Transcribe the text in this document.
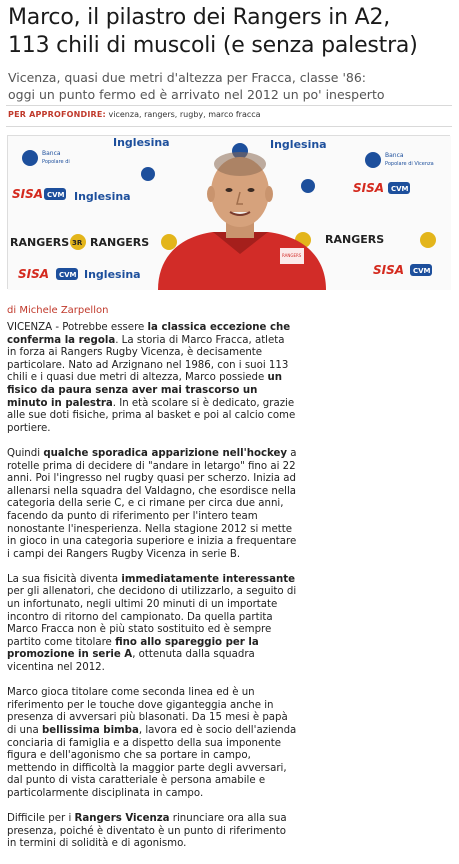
Marco, il pilastro dei Rangers in A2,
113 chili di muscoli (e senza palestra)
Vicenza, quasi due metri d'altezza per Fracca, classe '86:
oggi un punto fermo ed è arrivato nel 2012 un po' inesperto
PER APPROFONDIRE: vicenza, rangers, rugby, marco fracca
Banca
Popolare di
Inglesina	Inglesina
Banca
Popolare di Vicenza
SISA CVM Inglesina
SISA CVM
RANGERS 3R RANGERS	RANGERS
SISA CVM Inglesina	SISA CVM
RANGERS
di Michele Zarpellon

VICENZA - Potrebbe essere la classica eccezione che conferma la regola. La storia di Marco Fracca, atleta in forza ai Rangers Rugby Vicenza, è decisamente particolare. Nato ad Arzignano nel 1986, con i suoi 113 chili e i quasi due metri di altezza, Marco possiede un fisico da paura senza aver mai trascorso un minuto in palestra. In età scolare si è dedicato, grazie alle sue doti fisiche, prima al basket e poi al calcio come portiere.

Quindi qualche sporadica apparizione nell'hockey a rotelle prima di decidere di "andare in letargo" fino ai 22 anni. Poi l'ingresso nel rugby quasi per scherzo. Inizia ad allenarsi nella squadra del Valdagno, che esordisce nella categoria della serie C, e ci rimane per circa due anni, facendo da punto di riferimento per l'intero team nonostante l'inesperienza. Nella stagione 2012 si mette in gioco in una categoria superiore e inizia a frequentare i campi dei Rangers Rugby Vicenza in serie B.

La sua fisicità diventa immediatamente interessante per gli allenatori, che decidono di utilizzarlo, a seguito di un infortunato, negli ultimi 20 minuti di un importate incontro di ritorno del campionato. Da quella partita Marco Fracca non è più stato sostituito ed è sempre partito come titolare fino allo spareggio per la promozione in serie A, ottenuta dalla squadra vicentina nel 2012.

Marco gioca titolare come seconda linea ed è un riferimento per le touche dove giganteggia anche in presenza di avversari più blasonati. Da 15 mesi è papà di una bellissima bimba, lavora ed è socio dell'azienda conciaria di famiglia e a dispetto della sua imponente figura e dell'agonismo che sa portare in campo, mettendo in difficoltà la maggior parte degli avversari, dal punto di vista caratteriale è persona amabile e particolarmente disciplinata in campo.

Difficile per i Rangers Vicenza rinunciare ora alla sua presenza, poiché è diventato è un punto di riferimento in termini di solidità e di agonismo.
